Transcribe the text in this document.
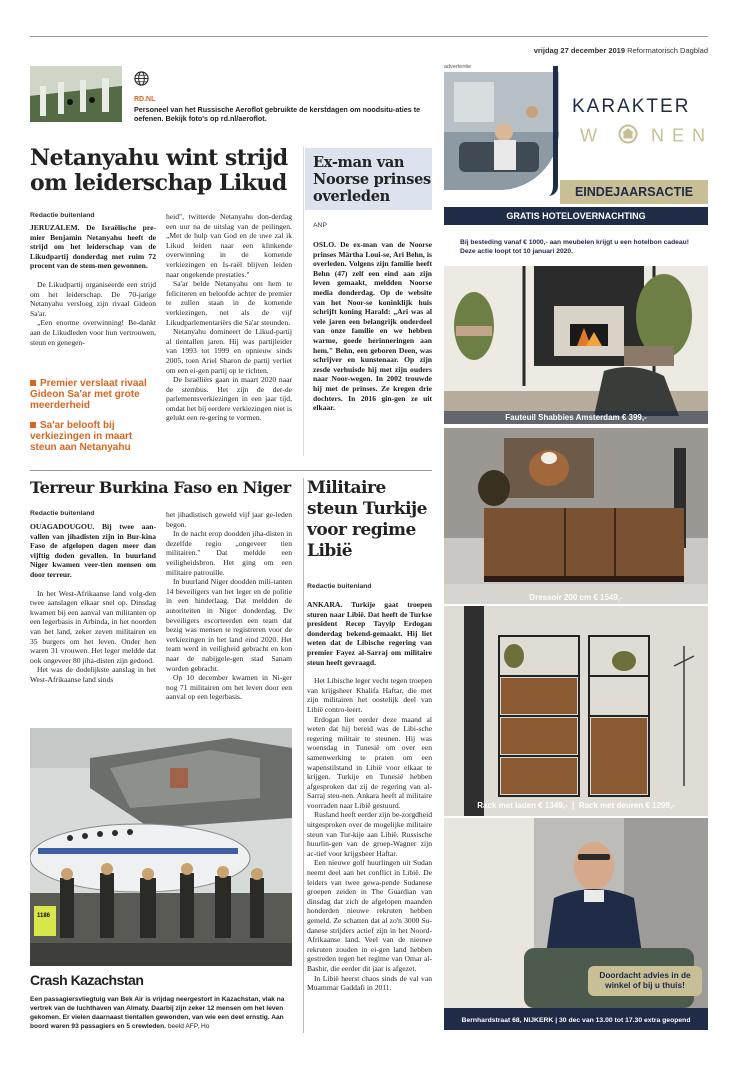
vrijdag 27 december 2019 Reformatorisch Dagblad
RD.NL
Personeel van het Russische Aeroflot gebruikte de kerstdagen om noodsitu-aties te oefenen. Bekijk foto's op rd.nl/aeroflot.
Netanyahu wint strijd om leiderschap Likud
Redactie buitenland

JERUZALEM. De Israëlische pre-mier Benjamin Netanyahu heeft de strijd om het leiderschap van de Likudpartij donderdag met ruim 72 procent van de stem-men gewonnen.

De Likudpartij organiseerde een strijd om het leiderschap. De 70-jarige Netanyahu versloeg zijn rivaal Gideon Sa'ar.

„Een enorme overwinning! Be-dankt aan de Likudleden voor hun vertrouwen, steun en genegen-

Premier verslaat rivaal Gideon Sa'ar met grote meerderheid
Sa'ar belooft bij verkiezingen in maart steun aan Netanyahu

heid", twitterde Netanyahu don-derdag een uur na de uitslag van de peilingen. „Met de hulp van God en de uwe zal ik Likud leiden naar een klinkende overwinning in de komende verkiezingen en Is-raël blijven leiden naar ongekende prestaties."

Sa'ar belde Netanyahu om hem te feliciteren en beloofde achter de premier te zullen staan in de komende verkiezingen, net als de vijf Likudparlementariërs die Sa'ar steunden.

Netanyahu domineert de Likud-partij al tientallen jaren. Hij was partijleider van 1993 tot 1999 en opnieuw sinds 2005, toen Ariel Sharon de partij verliet om een ei-gen partij op te richten.

De Israëliërs gaan in maart 2020 naar de stembus. Het zijn de der-de parlementsverkiezingen in een jaar tijd, omdat het bij eerdere verkiezingen niet is gelukt een re-gering te vormen.

Ex-man van Noorse prinses overleden
ANP

OSLO. De ex-man van de Noorse prinses Märtha Loui-se, Ari Behn, is overleden. Volgens zijn familie heeft Behn (47) zelf een eind aan zijn leven gemaakt, meldden Noorse media donderdag. Op de website van het Noor-se koninklijk huis schrijft koning Harald: „Ari was al vele jaren een belangrijk onderdeel van onze familie en we hebben warme, goede herinneringen aan hem." Behn, een geboren Deen, was schrijver en kunstenaar. Op zijn zesde verhuisde hij met zijn ouders naar Noor-wegen. In 2002 trouwde hij met de prinses. Ze kregen drie dochters. In 2016 gin-gen ze uit elkaar.

Terreur Burkina Faso en Niger
Redactie buitenland

OUAGADOUGOU. Bij twee aan-vallen van jihadisten zijn in Bur-kina Faso de afgelopen dagen meer dan vijftig doden gevallen. In buurland Niger kwamen veer-tien mensen om door terreur.

In het West-Afrikaanse land volg-den twee aanslagen elkaar snel op. Dinsdag kwamen bij een aanval van militanten op een legerbasis in Arbinda, in het noorden van het land, zeker zeven militairen en 35 burgers om het leven. Onder hen waren 31 vrouwen. Het leger meldde dat ook ongeveer 80 jiha-disten zijn gedood.

Het was de dodelijkste aanslag in het West-Afrikaanse land sinds

het jihadistisch geweld vijf jaar ge-leden begon.

In de nacht erop doodden jiha-disten in dezelfde regio „ongeveer tien militairen." Dat meldde een veiligheidsbron. Het ging om een militaire patrouille.

In buurland Niger doodden mili-tanten 14 beveiligers van het leger en de politie in een hinderlaag. Dat meldden de autoriteiten in Niger donderdag. De beveiligers escorteerden een team dat bezig was mensen te registreren voor de verkiezingen in het land eind 2020. Het team werd in veiligheid gebracht en kon naar de nabijgele-gen stad Sanam worden gebracht.

Op 10 december kwamen in Ni-ger nog 71 militairen om het leven door een aanval op een legerbasis.

1186
Crash Kazachstan
Een passagiersvliegtuig van Bek Air is vrijdag neergestort in Kazachstan, vlak na vertrek van de luchthaven van Almaty. Daarbij zijn zeker 12 mensen om het leven gekomen. Er vielen daarnaast tientallen gewonden, van wie een deel ernstig. Aan boord waren 93 passagiers en 5 crewleden. beeld AFP, Ho
Militaire steun Turkije voor regime Libië
Redactie buitenland

ANKARA. Turkije gaat troepen sturen naar Libië. Dat heeft de Turkse president Recep Tayyip Erdogan donderdag bekend-gemaakt. Hij liet weten dat de Libische regering van premier Fayez al-Sarraj om militaire steun heeft gevraagd.

Het Libische leger vecht tegen troepen van krijgsheer Khalifa Haftar, die met zijn militairen het oostelijk deel van Libië contro-leert.

Erdogan liet eerder deze maand al weten dat hij bereid was de Libi-sche regering militair te steunen. Hij was woensdag in Tunesië om over een samenwerking te praten om een wapenstilstand in Libië voor elkaar te krijgen. Turkije en Tunesië hebben afgesproken dat zij de regering van al-Sarraj steu-nen. Ankara heeft al militaire voorraden naar Libië gestuurd.

Rusland heeft eerder zijn be-zorgdheid uitgesproken over de mogelijke militaire steun van Tur-kije aan Libië. Russische huurlin-gen van de groep-Wagner zijn ac-tief voor krijgsheer Haftar.

Een nieuwe golf huurlingen uit Sudan neemt deel aan het conflict in Libië. De leiders van twee gewa-pende Sudanese groepen zeiden in The Guardian van dinsdag dat zich de afgelopen maanden honderden nieuwe rekruten hebben gemeld. Ze schatten dat al zo'n 3000 Su-danese strijders actief zijn in het Noord-Afrikaanse land. Veel van de nieuwe rekruten zouden in ei-gen land hebben gestreden tegen het regime van Omar al-Bashir, die eerder dit jaar is afgezet.

In Libië heerst chaos sinds de val van Muammar Gaddafi in 2011.

advertentie
KARAKTER
W	NEN
EINDEJAARSACTIE
GRATIS HOTELOVERNACHTING
Bij besteding vanaf € 1000,- aan meubelen krijgt u een hotelbon cadeau! Deze actie loopt tot 10 januari 2020.
Fauteuil Shabbies Amsterdam € 399,-
Dressoir 200 cm € 1549,-
Rack met laden € 1349,-  |  Rack met deuren € 1299,-
Doordacht advies in de winkel of bij u thuis!
Bernhardstraat 68, NIJKERK | 30 dec van 13.00 tot 17.30 extra geopend
